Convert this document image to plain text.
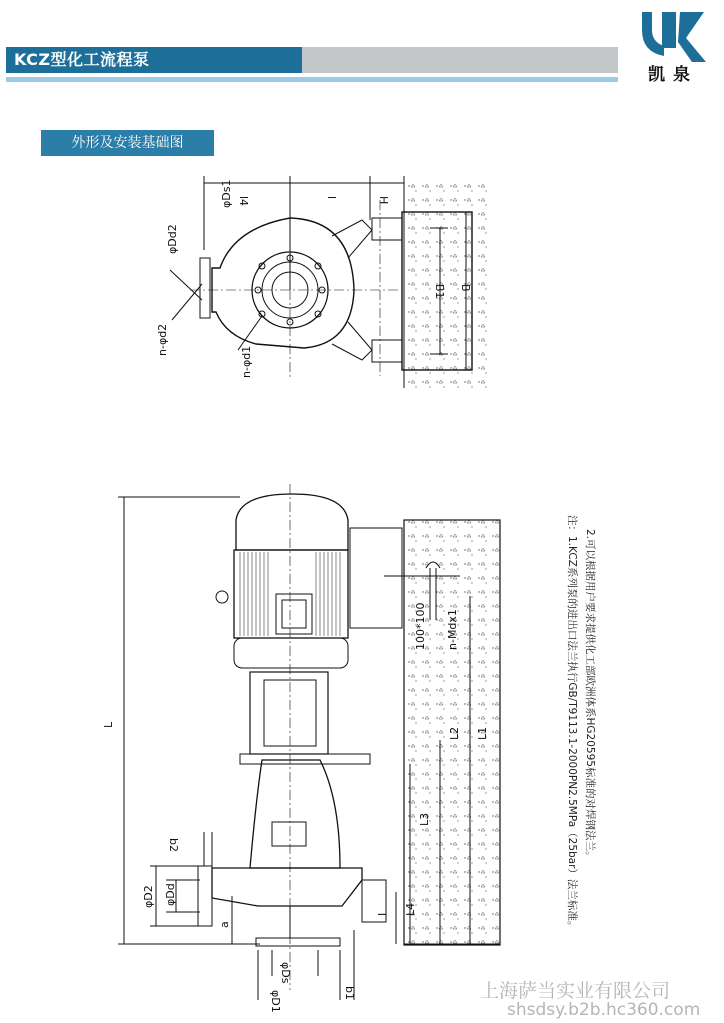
KCZ型化工流程泵
凯泉
外形及安装基础图
l4	l	H
φDs1
φDd2
n-φd2
n-φd1
B1 B
L
100*100 n-Mdx1
L2 L1
L3
L4
I
b2
φD2 φDd
a
φDs
φD1	b1
注：1.KCZ系列泵的进出口法兰执行GB/T9113.1-2000PN2.5MPa（25bar）法兰标准。 2.可以根据用户要求提供化工部欧洲体系HG20595标准的对焊钢法兰。
上海萨当实业有限公司
shsdsy.b2b.hc360.com
